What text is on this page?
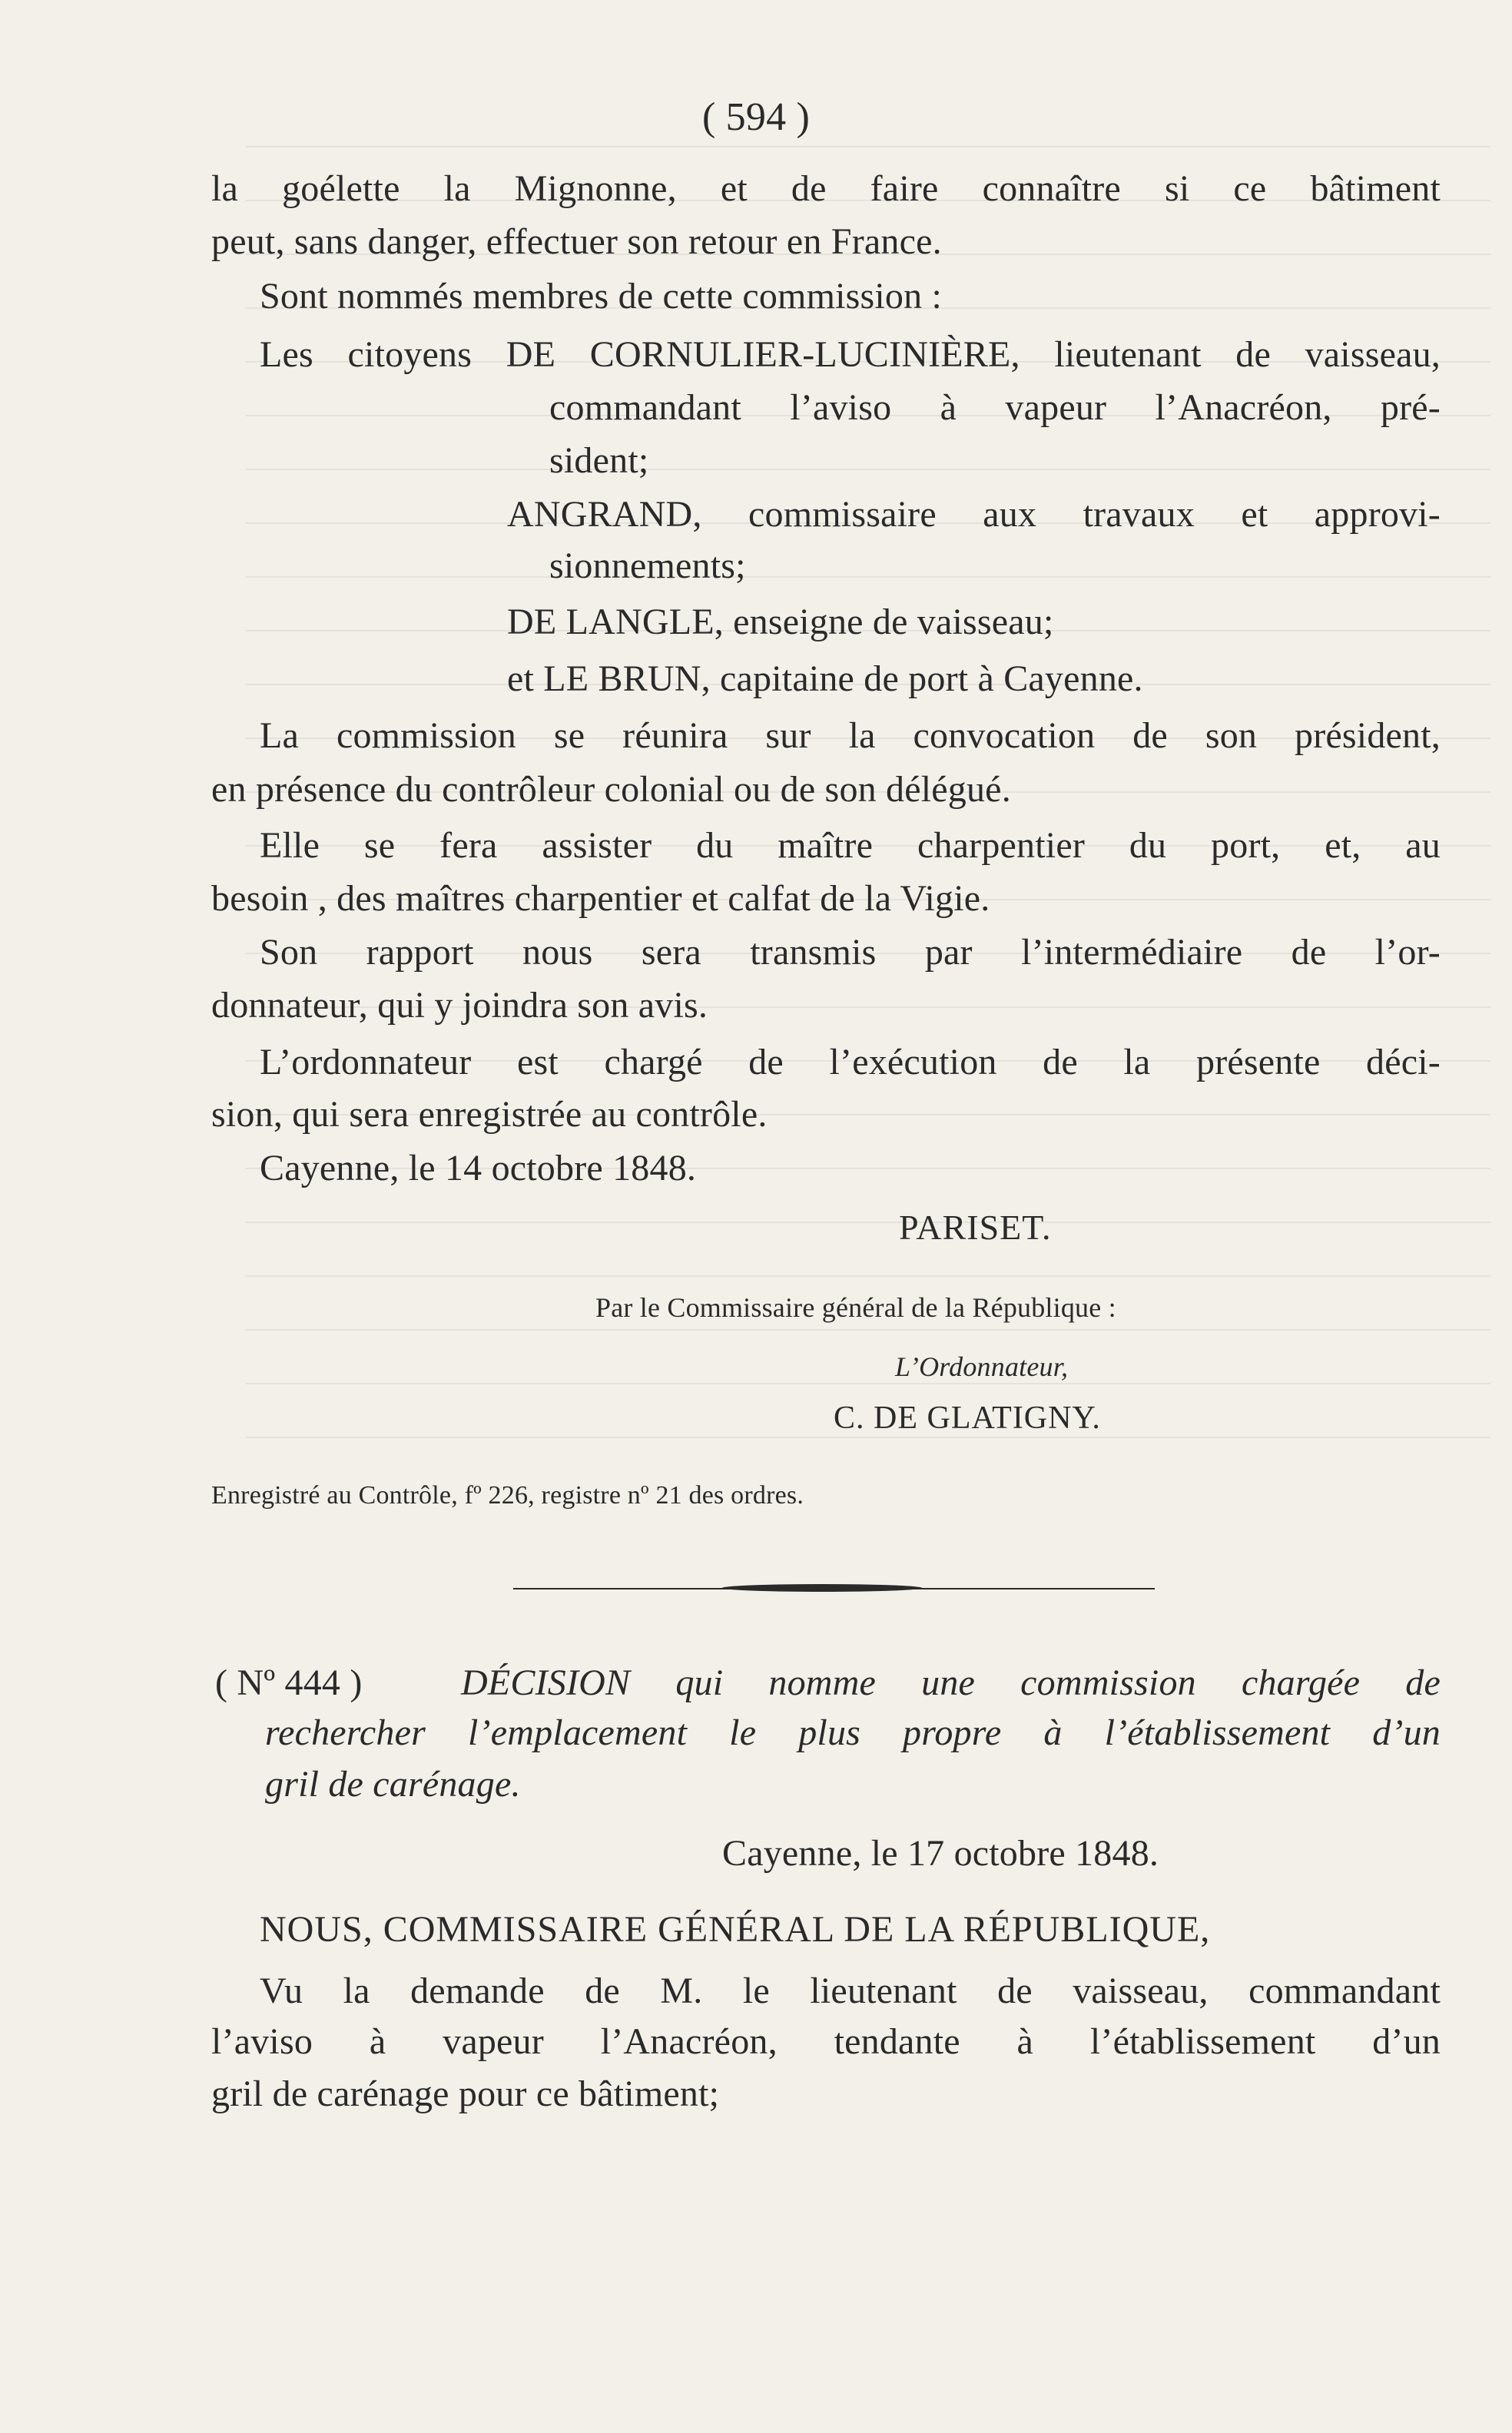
( 594 )
la goélette la Mignonne, et de faire connaître si ce bâtiment
peut, sans danger, effectuer son retour en France.
Sont nommés membres de cette commission :
Les citoyens DE CORNULIER-LUCINIÈRE, lieutenant de vaisseau,
commandant l’aviso à vapeur l’Anacréon, pré-
sident;
ANGRAND, commissaire aux travaux et approvi-
sionnements;
DE LANGLE, enseigne de vaisseau;
et LE BRUN, capitaine de port à Cayenne.
La commission se réunira sur la convocation de son président,
en présence du contrôleur colonial ou de son délégué.
Elle se fera assister du maître charpentier du port, et, au
besoin , des maîtres charpentier et calfat de la Vigie.
Son rapport nous sera transmis par l’intermédiaire de l’or-
donnateur, qui y joindra son avis.
L’ordonnateur est chargé de l’exécution de la présente déci-
sion, qui sera enregistrée au contrôle.
Cayenne, le 14 octobre 1848.
PARISET.
Par le Commissaire général de la République :
L’Ordonnateur,
C. DE GLATIGNY.
Enregistré au Contrôle, fº 226, registre nº 21 des ordres.
( Nº 444 )	DÉCISION qui nomme une commission chargée de
rechercher l’emplacement le plus propre à l’établissement d’un
gril de carénage.
Cayenne, le 17 octobre 1848.
NOUS, COMMISSAIRE GÉNÉRAL DE LA RÉPUBLIQUE,
Vu la demande de M. le lieutenant de vaisseau, commandant
l’aviso à vapeur l’Anacréon, tendante à l’établissement d’un
gril de carénage pour ce bâtiment;
